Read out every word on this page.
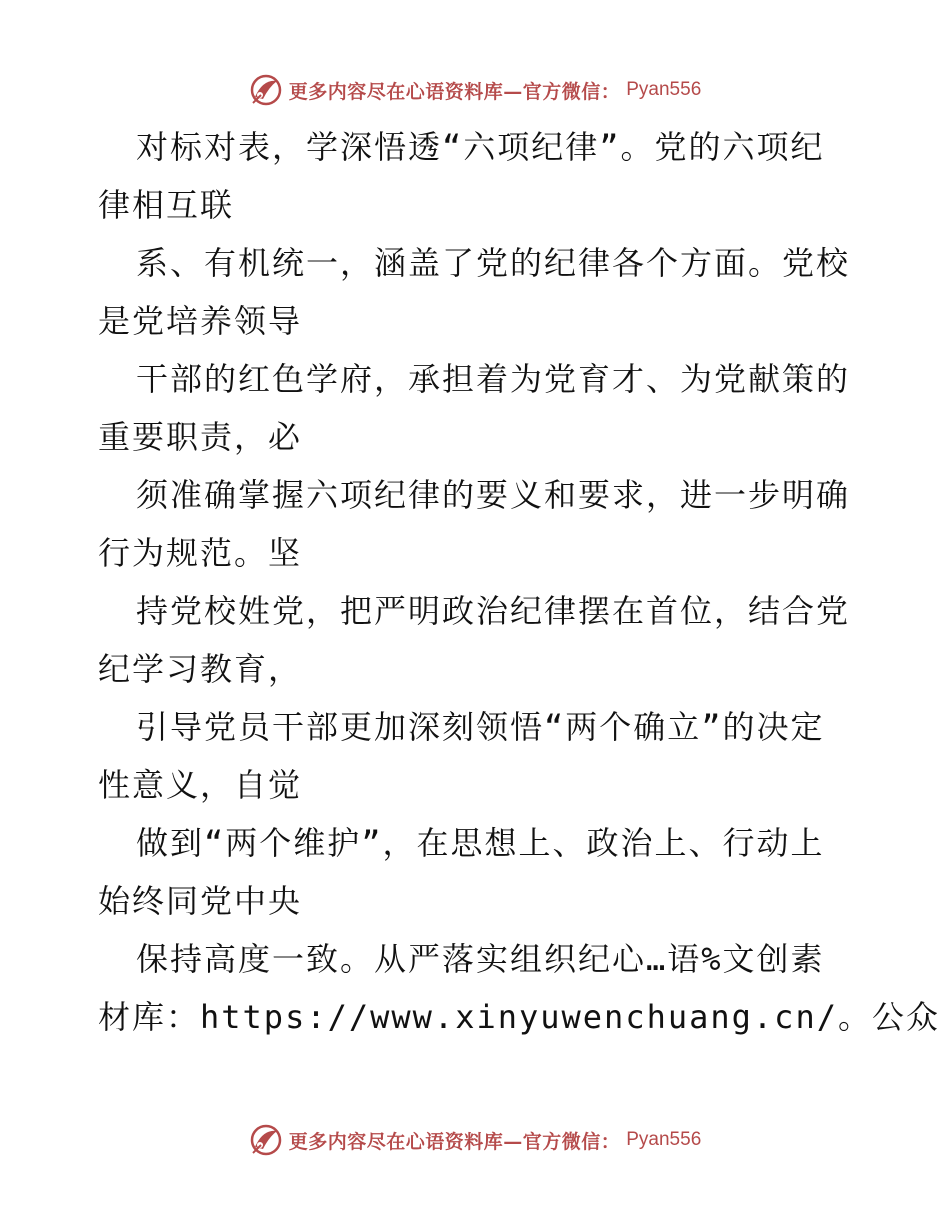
更多内容尽在心语资料库—官方微信： Pyan556
对标对表，学深悟透“六项纪律”。党的六项纪
律相互联
系、有机统一，涵盖了党的纪律各个方面。党校
是党培养领导
干部的红色学府，承担着为党育才、为党献策的
重要职责，必
须准确掌握六项纪律的要义和要求，进一步明确
行为规范。坚
持党校姓党，把严明政治纪律摆在首位，结合党
纪学习教育，
引导党员干部更加深刻领悟“两个确立”的决定
性意义，自觉
做到“两个维护”，在思想上、政治上、行动上
始终同党中央
保持高度一致。从严落实组织纪心…语%文创素
材库：https://www.xinyuwenchuang.cn/。公众
更多内容尽在心语资料库—官方微信： Pyan556
